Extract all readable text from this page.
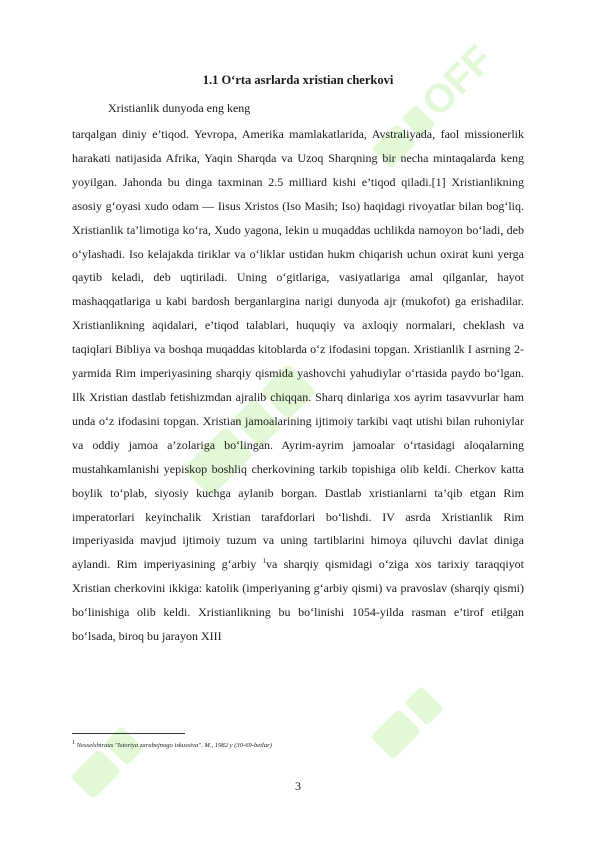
OFF
1.1 O‘rta asrlarda xristian cherkovi
Xristianlik dunyoda eng keng
tarqalgan diniy e’tiqod. Yevropa, Amerika mamlakatlarida, Avstraliyada, faol missionerlik harakati natijasida Afrika, Yaqin Sharqda va Uzoq Sharqning bir necha mintaqalarda keng yoyilgan. Jahonda bu dinga taxminan 2.5 milliard kishi e’tiqod qiladi.[1] Xristianlikning asosiy g‘oyasi xudo odam — Iisus Xristos (Iso Masih; Iso) haqidagi rivoyatlar bilan bog‘liq. Xristianlik ta’limotiga ko‘ra, Xudo yagona, lekin u muqaddas uchlikda namoyon bo‘ladi, deb o‘ylashadi. Iso kelajakda tiriklar va o‘liklar ustidan hukm chiqarish uchun oxirat kuni yerga qaytib keladi, deb uqtiriladi. Uning o‘gitlariga, vasiyatlariga amal qilganlar, hayot mashaqqatlariga u kabi bardosh berganlargina narigi dunyoda ajr (mukofot) ga erishadilar. Xristianlikning aqidalari, e’tiqod talablari, huquqiy va axloqiy normalari, cheklash va taqiqlari Bibliya va boshqa muqaddas kitoblarda o‘z ifodasini topgan. Xristianlik I asrning 2-yarmida Rim imperiyasining sharqiy qismida yashovchi yahudiylar o‘rtasida paydo bo‘lgan. Ilk Xristian dastlab fetishizmdan ajralib chiqqan. Sharq dinlariga xos ayrim tasavvurlar ham unda o‘z ifodasini topgan. Xristian jamoalarining ijtimoiy tarkibi vaqt utishi bilan ruhoniylar va oddiy jamoa a’zolariga bo‘lingan. Ayrim-ayrim jamoalar o‘rtasidagi aloqalarning mustahkamlanishi yepiskop boshliq cherkovining tarkib topishiga olib keldi. Cherkov katta boylik to‘plab, siyosiy kuchga aylanib borgan. Dastlab xristianlarni ta’qib etgan Rim imperatorlari keyinchalik Xristian tarafdorlari bo‘lishdi. IV asrda Xristianlik Rim imperiyasida mavjud ijtimoiy tuzum va uning tartiblarini himoya qiluvchi davlat diniga aylandi. Rim imperiyasining g‘arbiy $^1$va sharqiy qismidagi o‘ziga xos tarixiy taraqqiyot Xristian cherkovini ikkiga: katolik (imperiyaning g‘arbiy qismi) va pravoslav (sharqiy qismi) bo‘linishiga olib keldi. Xristianlikning bu bo‘linishi 1054-yilda rasman e’tirof etilgan bo‘lsada, biroq bu jarayon XIII
$^1$ Nesselshtraus "Istoriya zarubejnogo iskusstva". M., 1982 y (30-69-betlar)
3
